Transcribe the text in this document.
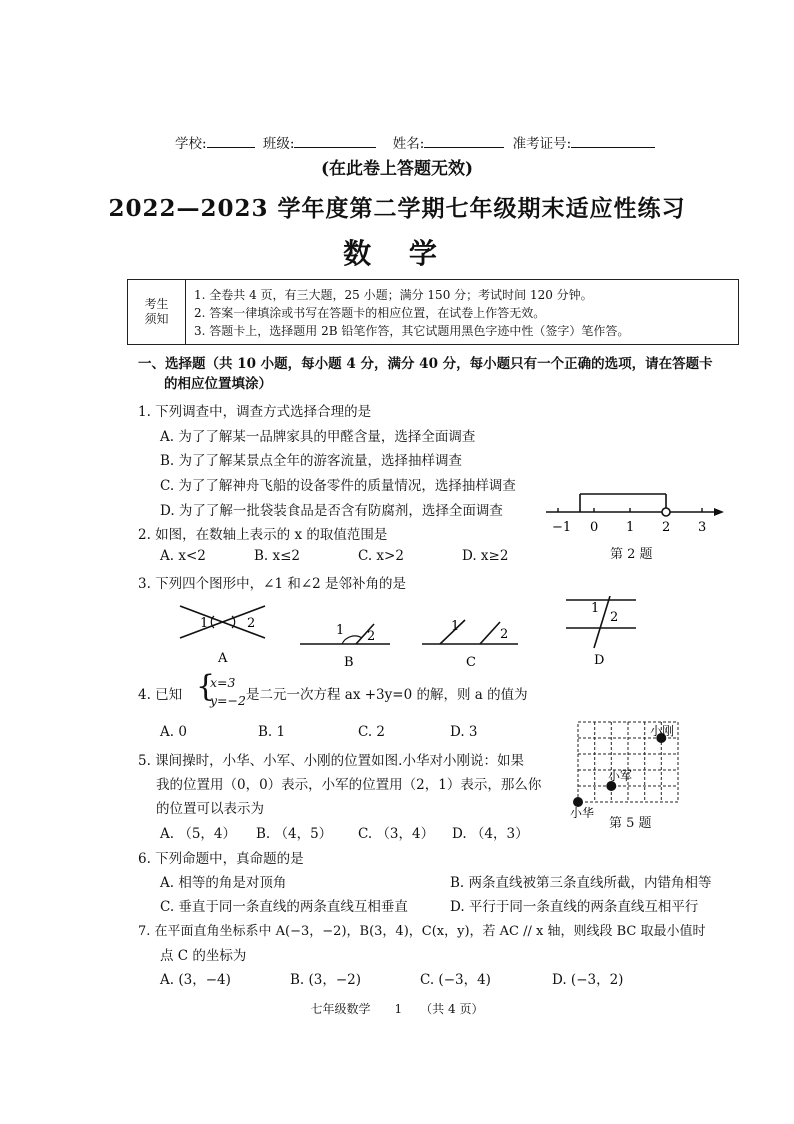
学校:	班级:	姓名:	准考证号:
(在此卷上答题无效)
2022—2023 学年度第二学期七年级期末适应性练习
数 学
考生
须知
1. 全卷共 4 页，有三大题，25 小题；满分 150 分；考试时间 120 分钟。
2. 答案一律填涂或书写在答题卡的相应位置，在试卷上作答无效。
3. 答题卡上，选择题用 2B 铅笔作答，其它试题用黑色字迹中性（签字）笔作答。
一、选择题（共 10 小题，每小题 4 分，满分 40 分，每小题只有一个正确的选项，请在答题卡
的相应位置填涂）
1. 下列调查中，调查方式选择合理的是
A. 为了了解某一品牌家具的甲醛含量，选择全面调查
B. 为了了解某景点全年的游客流量，选择抽样调查
C. 为了了解神舟飞船的设备零件的质量情况，选择抽样调查
D. 为了了解一批袋装食品是否含有防腐剂，选择全面调查
−1 0 1 2 3
第 2 题
2. 如图，在数轴上表示的 x 的取值范围是
A. x<2	B. x≤2	C. x>2	D. x≥2
3. 下列四个图形中，∠1 和∠2 是邻补角的是
1	2
A
1 2
B
1
2
C
1
2
D
4. 已知 {
x=3
y=−2 是二元一次方程 ax +3y=0 的解，则 a 的值为
A. 0	B. 1	C. 2	D. 3	小刚
小军
小华
第 5 题
5. 课间操时，小华、小军、小刚的位置如图.小华对小刚说：如果
我的位置用（0，0）表示，小军的位置用（2，1）表示，那么你
的位置可以表示为
A. （5，4） B. （4，5） C. （3，4） D. （4，3）
6. 下列命题中，真命题的是
A. 相等的角是对顶角	B. 两条直线被第三条直线所截，内错角相等
C. 垂直于同一条直线的两条直线互相垂直	D. 平行于同一条直线的两条直线互相平行
7. 在平面直角坐标系中 A(−3，−2)，B(3，4)，C(x，y)，若 AC // x 轴，则线段 BC 取最小值时
点 C 的坐标为
A. (3，−4)	B. (3，−2)	C. (−3，4)	D. (−3，2)
七年级数学　　1　　（共 4 页）
